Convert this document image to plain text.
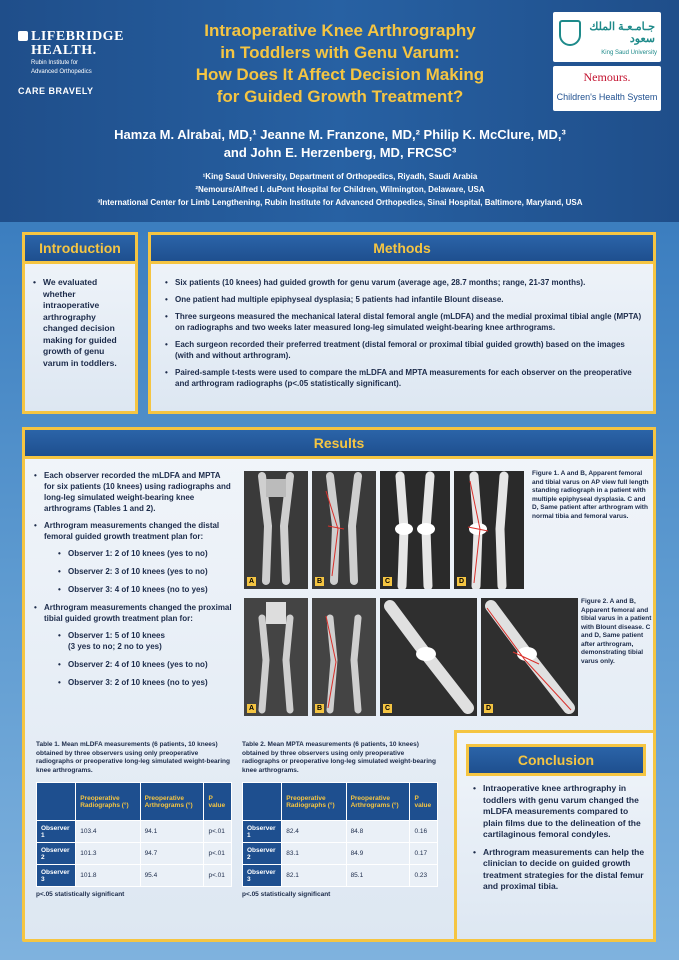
LIFEBRIDGE
HEALTH.
Rubin Institute for
Advanced Orthopedics
CARE BRAVELY
Intraoperative Knee Arthrography
in Toddlers with Genu Varum:
How Does It Affect Decision Making
for Guided Growth Treatment?
جـامـعـة الملك سعود
King Saud University
Nemours.
Children's Health System
Hamza M. Alrabai, MD,¹ Jeanne M. Franzone, MD,² Philip K. McClure, MD,³
and John E. Herzenberg, MD, FRCSC³
¹King Saud University, Department of Orthopedics, Riyadh, Saudi Arabia
²Nemours/Alfred I. duPont Hospital for Children, Wilmington, Delaware, USA
³International Center for Limb Lengthening, Rubin Institute for Advanced Orthopedics, Sinai Hospital, Baltimore, Maryland, USA
• We evaluated whether intraoperative arthrography changed decision making for guided growth of genu varum in toddlers.
Introduction
• Six patients (10 knees) had guided growth for genu varum (average age, 28.7 months; range, 21-37 months).
• One patient had multiple epiphyseal dysplasia; 5 patients had infantile Blount disease.
• Three surgeons measured the mechanical lateral distal femoral angle (mLDFA) and the medial proximal tibial angle (MPTA) on radiographs and two weeks later measured long-leg simulated weight-bearing knee arthrograms.
• Each surgeon recorded their preferred treatment (distal femoral or proximal tibial guided growth) based on the images (with and without arthrogram).
• Paired-sample t-tests were used to compare the mLDFA and MPTA measurements for each observer on the preoperative and arthrogram radiographs (p<.05 statistically significant).
Methods
Results
• Each observer recorded the mLDFA and MPTA for six patients (10 knees) using radiographs and long-leg simulated weight-bearing knee arthrograms (Tables 1 and 2).
• Arthrogram measurements changed the distal femoral guided growth treatment plan for:
• Observer 1: 2 of 10 knees (yes to no)
• Observer 2: 3 of 10 knees (yes to no)
• Observer 3: 4 of 10 knees (no to yes)
• Arthrogram measurements changed the proximal tibial guided growth treatment plan for:
• Observer 1: 5 of 10 knees
(3 yes to no; 2 no to yes)
• Observer 2: 4 of 10 knees (yes to no)
• Observer 3: 2 of 10 knees (no to yes)
A	B	C	D
Figure 1. A and B, Apparent femoral and tibial varus on AP view full length standing radiograph in a patient with multiple epiphyseal dysplasia. C and D, Same patient after arthrogram with normal tibia and femoral varus.
A	B	C	D
Figure 2. A and B, Apparent femoral and tibial varus in a patient with Blount disease. C and D, Same patient after arthrogram, demonstrating tibial varus only.
Table 1. Mean mLDFA measurements (6 patients, 10 knees) obtained by three observers using only preoperative radiographs or preoperative long-leg simulated weight-bearing knee arthrograms.
	Preoperative Radiographs (°)	Preoperative Arthrograms (°)	P value
Observer 1	103.4	94.1	p<.01
Observer 2	101.3	94.7	p<.01
Observer 3	101.8	95.4	p<.01
p<.05 statistically significant
Table 2. Mean MPTA measurements (6 patients, 10 knees) obtained by three observers using only preoperative radiographs or preoperative long-leg simulated weight-bearing knee arthrograms.
	Preoperative Radiographs (°)	Preoperative Arthrograms (°)	P value
Observer 1	82.4	84.8	0.16
Observer 2	83.1	84.9	0.17
Observer 3	82.1	85.1	0.23
p<.05 statistically significant
• Intraoperative knee arthrography in toddlers with genu varum changed the mLDFA measurements compared to plain films due to the delineation of the cartilaginous femoral condyles.
• Arthrogram measurements can help the clinician to decide on guided growth treatment strategies for the distal femur and proximal tibia.
Conclusion
